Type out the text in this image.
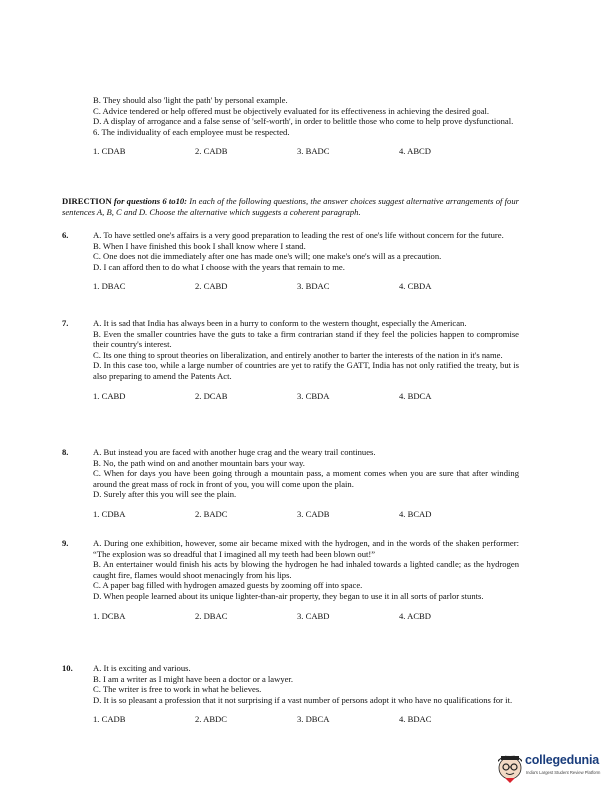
B. They should also 'light the path' by personal example.

C. Advice tendered or help offered must be objectively evaluated for its effectiveness in achieving the desired goal.

D. A display of arrogance and a false sense of 'self-worth', in order to belittle those who come to help prove dysfunctional.

6. The individuality of each employee must be respected.

1. CDAB	2. CADB	3. BADC	4. ABCD
DIRECTION for questions 6 to10: In each of the following questions, the answer choices suggest alternative arrangements of four sentences A, B, C and D. Choose the alternative which suggests a coherent paragraph.
6.	A. To have settled one's affairs is a very good preparation to leading the rest of one's life without concern for the future.

B. When I have finished this book I shall know where I stand.

C. One does not die immediately after one has made one's will; one make's one's will as a precaution.

D. I can afford then to do what I choose with the years that remain to me.

1. DBAC	2. CABD	3. BDAC	4. CBDA
7.	A. It is sad that India has always been in a hurry to conform to the western thought, especially the American.

B. Even the smaller countries have the guts to take a firm contrarian stand if they feel the policies happen to compromise their country's interest.

C. Its one thing to sprout theories on liberalization, and entirely another to barter the interests of the nation in it's name.

D. In this case too, while a large number of countries are yet to ratify the GATT, India has not only ratified the treaty, but is also preparing to amend the Patents Act.

1. CABD	2. DCAB	3. CBDA	4. BDCA
8.	A. But instead you are faced with another huge crag and the weary trail continues.

B. No, the path wind on and another mountain bars your way.

C. When for days you have been going through a mountain pass, a moment comes when you are sure that after winding around the great mass of rock in front of you, you will come upon the plain.

D. Surely after this you will see the plain.

1. CDBA	2. BADC	3. CADB	4. BCAD
9.	A. During one exhibition, however, some air became mixed with the hydrogen, and in the words of the shaken performer: “The explosion was so dreadful that I imagined all my teeth had been blown out!”

B. An entertainer would finish his acts by blowing the hydrogen he had inhaled towards a lighted candle; as the hydrogen caught fire, flames would shoot menacingly from his lips.

C. A paper bag filled with hydrogen amazed guests by zooming off into space.

D. When people learned about its unique lighter-than-air property, they began to use it in all sorts of parlor stunts.

1. DCBA	2. DBAC	3. CABD	4. ACBD
10.	A. It is exciting and various.

B. I am a writer as I might have been a doctor or a lawyer.

C. The writer is free to work in what he believes.

D. It is so pleasant a profession that it not surprising if a vast number of persons adopt it who have no qualifications for it.

1. CADB	2. ABDC	3. DBCA	4. BDAC
collegedunia
India's Largest Student Review Platform
